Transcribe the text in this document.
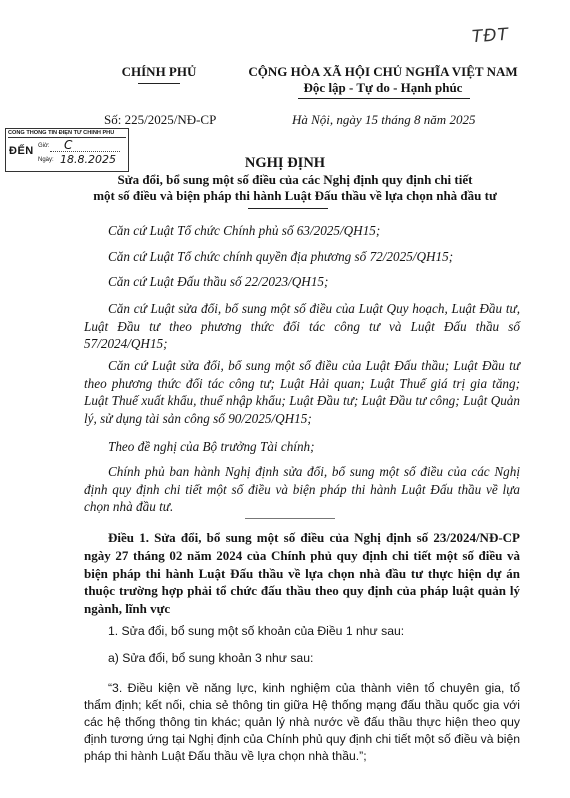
TĐT
CHÍNH PHỦ	CỘNG HÒA XÃ HỘI CHỦ NGHĨA VIỆT NAM
Độc lập - Tự do - Hạnh phúc
Số: 225/2025/NĐ-CP	Hà Nội, ngày 15 tháng 8 năm 2025
CỔNG THÔNG TIN ĐIỆN TỬ CHÍNH PHỦ
ĐẾN Giờ: C
Ngày: 18.8.2025	NGHỊ ĐỊNH
Sửa đổi, bổ sung một số điều của các Nghị định quy định chi tiết
một số điều và biện pháp thi hành Luật Đấu thầu về lựa chọn nhà đầu tư
Căn cứ Luật Tổ chức Chính phủ số 63/2025/QH15;
Căn cứ Luật Tổ chức chính quyền địa phương số 72/2025/QH15;
Căn cứ Luật Đấu thầu số 22/2023/QH15;
Căn cứ Luật sửa đổi, bổ sung một số điều của Luật Quy hoạch, Luật Đầu tư, Luật Đầu tư theo phương thức đối tác công tư và Luật Đấu thầu số 57/2024/QH15;
Căn cứ Luật sửa đổi, bổ sung một số điều của Luật Đấu thầu; Luật Đầu tư theo phương thức đối tác công tư; Luật Hải quan; Luật Thuế giá trị gia tăng; Luật Thuế xuất khẩu, thuế nhập khẩu; Luật Đầu tư; Luật Đầu tư công; Luật Quản lý, sử dụng tài sản công số 90/2025/QH15;
Theo đề nghị của Bộ trưởng Tài chính;
Chính phủ ban hành Nghị định sửa đổi, bổ sung một số điều của các Nghị định quy định chi tiết một số điều và biện pháp thi hành Luật Đấu thầu về lựa chọn nhà đầu tư.
Điều 1. Sửa đổi, bổ sung một số điều của Nghị định số 23/2024/NĐ-CP ngày 27 tháng 02 năm 2024 của Chính phủ quy định chi tiết một số điều và biện pháp thi hành Luật Đấu thầu về lựa chọn nhà đầu tư thực hiện dự án thuộc trường hợp phải tổ chức đấu thầu theo quy định của pháp luật quản lý ngành, lĩnh vực
1. Sửa đổi, bổ sung một số khoản của Điều 1 như sau:
a) Sửa đổi, bổ sung khoản 3 như sau:
“3. Điều kiện về năng lực, kinh nghiệm của thành viên tổ chuyên gia, tổ thẩm định; kết nối, chia sẻ thông tin giữa Hệ thống mạng đấu thầu quốc gia với các hệ thống thông tin khác; quản lý nhà nước về đấu thầu thực hiện theo quy định tương ứng tại Nghị định của Chính phủ quy định chi tiết một số điều và biện pháp thi hành Luật Đấu thầu về lựa chọn nhà thầu.”;
